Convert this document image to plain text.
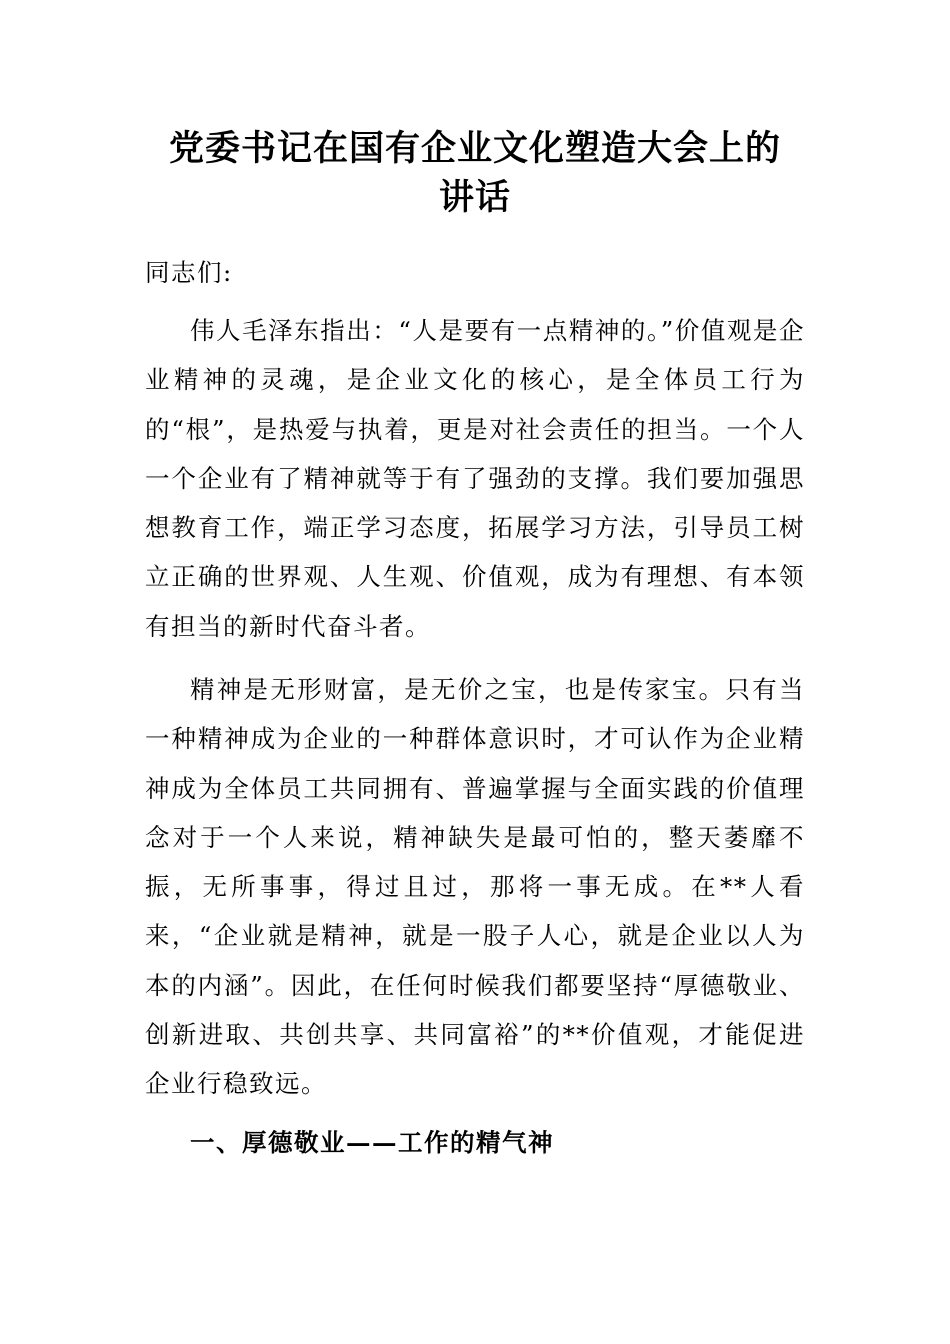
党委书记在国有企业文化塑造大会上的
讲话
同志们:
伟人毛泽东指出：“人是要有一点精神的。”价值观是企业精神的灵魂，是企业文化的核心，是全体员工行为的“根”，是热爱与执着，更是对社会责任的担当。一个人一个企业有了精神就等于有了强劲的支撑。我们要加强思想教育工作，端正学习态度，拓展学习方法，引导员工树立正确的世界观、人生观、价值观，成为有理想、有本领有担当的新时代奋斗者。
精神是无形财富，是无价之宝，也是传家宝。只有当一种精神成为企业的一种群体意识时，才可认作为企业精神成为全体员工共同拥有、普遍掌握与全面实践的价值理念对于一个人来说，精神缺失是最可怕的，整天萎靡不振，无所事事，得过且过，那将一事无成。在**人看来，“企业就是精神，就是一股子人心，就是企业以人为本的内涵”。因此，在任何时候我们都要坚持“厚德敬业、创新进取、共创共享、共同富裕”的**价值观，才能促进企业行稳致远。
一、厚德敬业——工作的精气神
